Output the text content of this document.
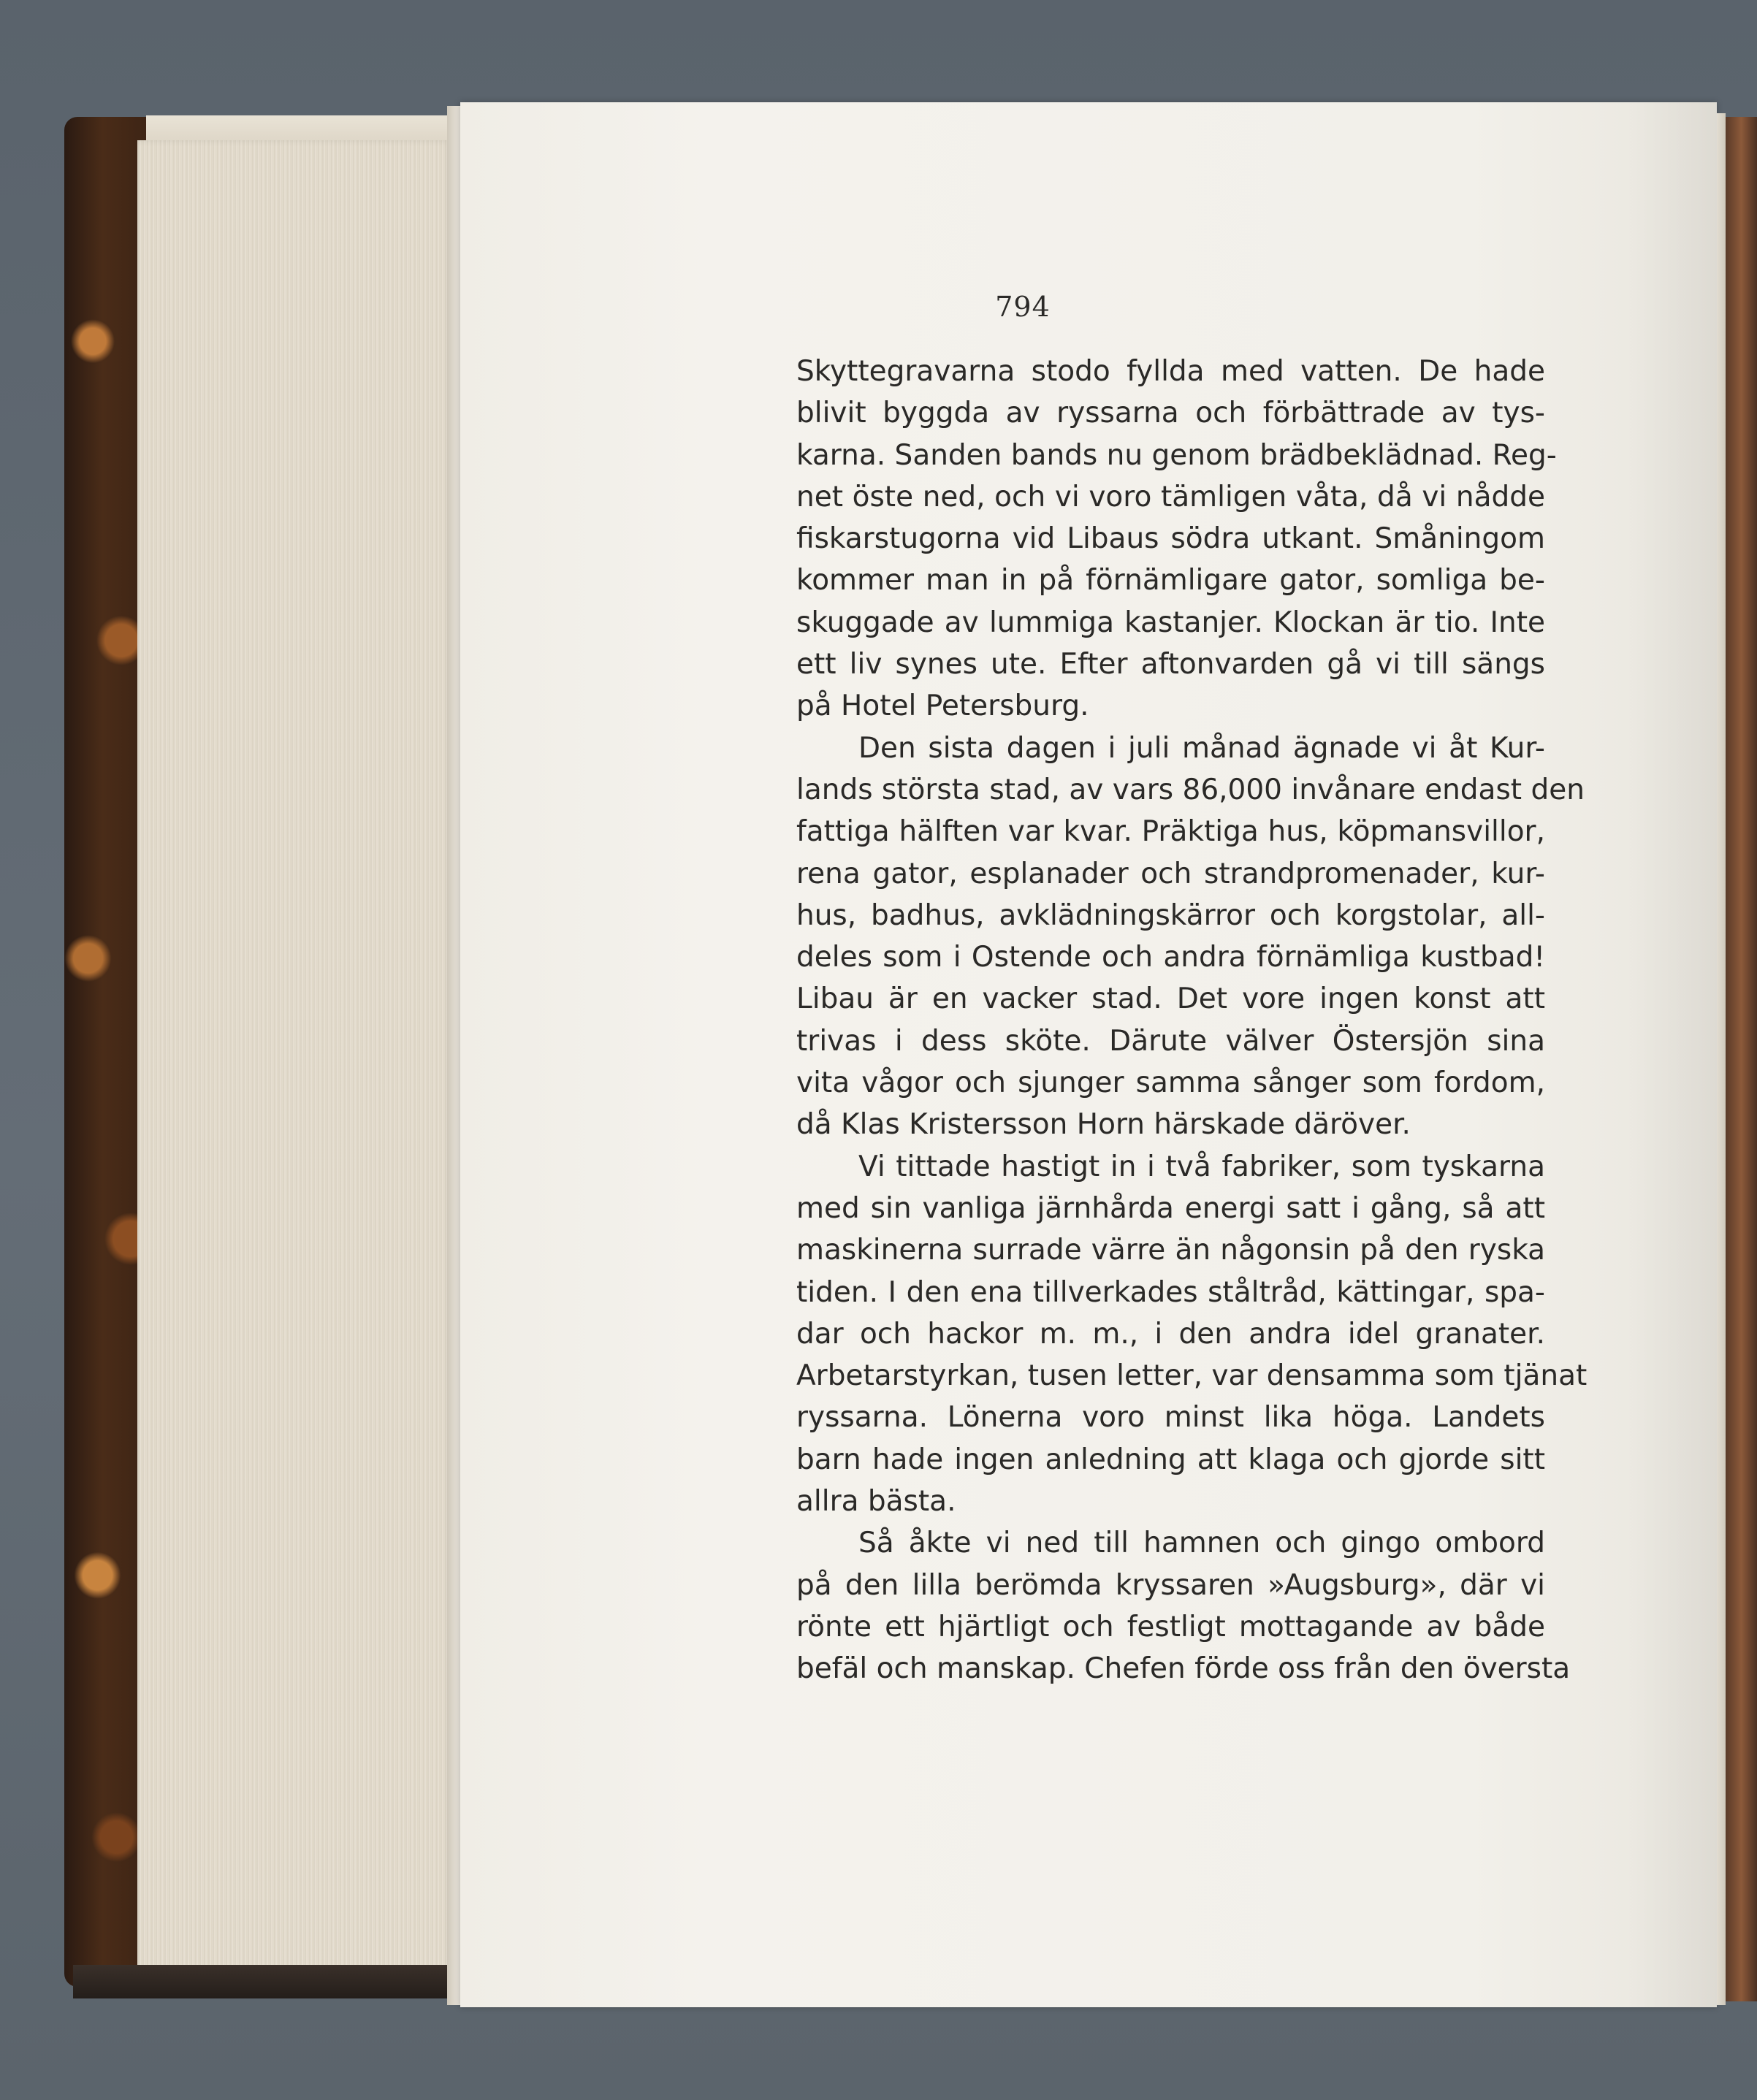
794
Skyttegravarna stodo fyllda med vatten. De hade
blivit byggda av ryssarna och förbättrade av tys-
karna. Sanden bands nu genom brädbeklädnad. Reg-
net öste ned, och vi voro tämligen våta, då vi nådde
fiskarstugorna vid Libaus södra utkant. Småningom
kommer man in på förnämligare gator, somliga be-
skuggade av lummiga kastanjer. Klockan är tio. Inte
ett liv synes ute. Efter aftonvarden gå vi till sängs
på Hotel Petersburg.
Den sista dagen i juli månad ägnade vi åt Kur-
lands största stad, av vars 86,000 invånare endast den
fattiga hälften var kvar. Präktiga hus, köpmansvillor,
rena gator, esplanader och strandpromenader, kur-
hus, badhus, avklädningskärror och korgstolar, all-
deles som i Ostende och andra förnämliga kustbad!
Libau är en vacker stad. Det vore ingen konst att
trivas i dess sköte. Därute välver Östersjön sina
vita vågor och sjunger samma sånger som fordom,
då Klas Kristersson Horn härskade däröver.
Vi tittade hastigt in i två fabriker, som tyskarna
med sin vanliga järnhårda energi satt i gång, så att
maskinerna surrade värre än någonsin på den ryska
tiden. I den ena tillverkades ståltråd, kättingar, spa-
dar och hackor m. m., i den andra idel granater.
Arbetarstyrkan, tusen letter, var densamma som tjänat
ryssarna. Lönerna voro minst lika höga. Landets
barn hade ingen anledning att klaga och gjorde sitt
allra bästa.
Så åkte vi ned till hamnen och gingo ombord
på den lilla berömda kryssaren »Augsburg», där vi
rönte ett hjärtligt och festligt mottagande av både
befäl och manskap. Chefen förde oss från den översta
